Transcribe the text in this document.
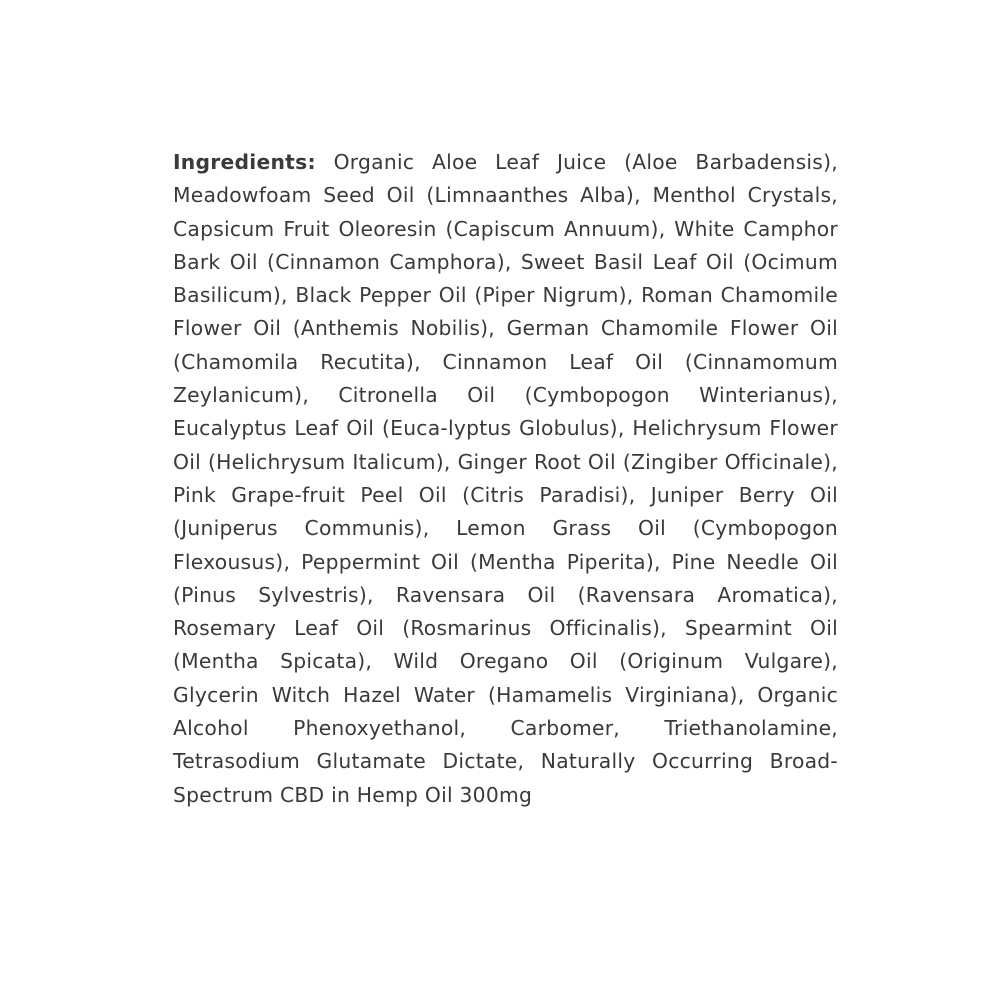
Ingredients: Organic Aloe Leaf Juice (Aloe Barbadensis), Meadowfoam Seed Oil (Limnaanthes Alba), Menthol Crystals, Capsicum Fruit Oleoresin (Capiscum Annuum), White Camphor Bark Oil (Cinnamon Camphora), Sweet Basil Leaf Oil (Ocimum Basilicum), Black Pepper Oil (Piper Nigrum), Roman Chamomile Flower Oil (Anthemis Nobilis), German Chamomile Flower Oil (Chamomila Recutita), Cinnamon Leaf Oil (Cinnamomum Zeylanicum), Citronella Oil (Cymbopogon Winterianus), Eucalyptus Leaf Oil (Euca-lyptus Globulus), Helichrysum Flower Oil (Helichrysum Italicum), Ginger Root Oil (Zingiber Officinale), Pink Grape-fruit Peel Oil (Citris Paradisi), Juniper Berry Oil (Juniperus Communis), Lemon Grass Oil (Cymbopogon Flexousus), Peppermint Oil (Mentha Piperita), Pine Needle Oil (Pinus Sylvestris), Ravensara Oil (Ravensara Aromatica), Rosemary Leaf Oil (Rosmarinus Officinalis), Spearmint Oil (Mentha Spicata), Wild Oregano Oil (Originum Vulgare), Glycerin Witch Hazel Water (Hamamelis Virginiana), Organic Alcohol Phenoxyethanol, Carbomer, Triethanolamine, Tetrasodium Glutamate Dictate, Naturally Occurring Broad-Spectrum CBD in Hemp Oil 300mg
